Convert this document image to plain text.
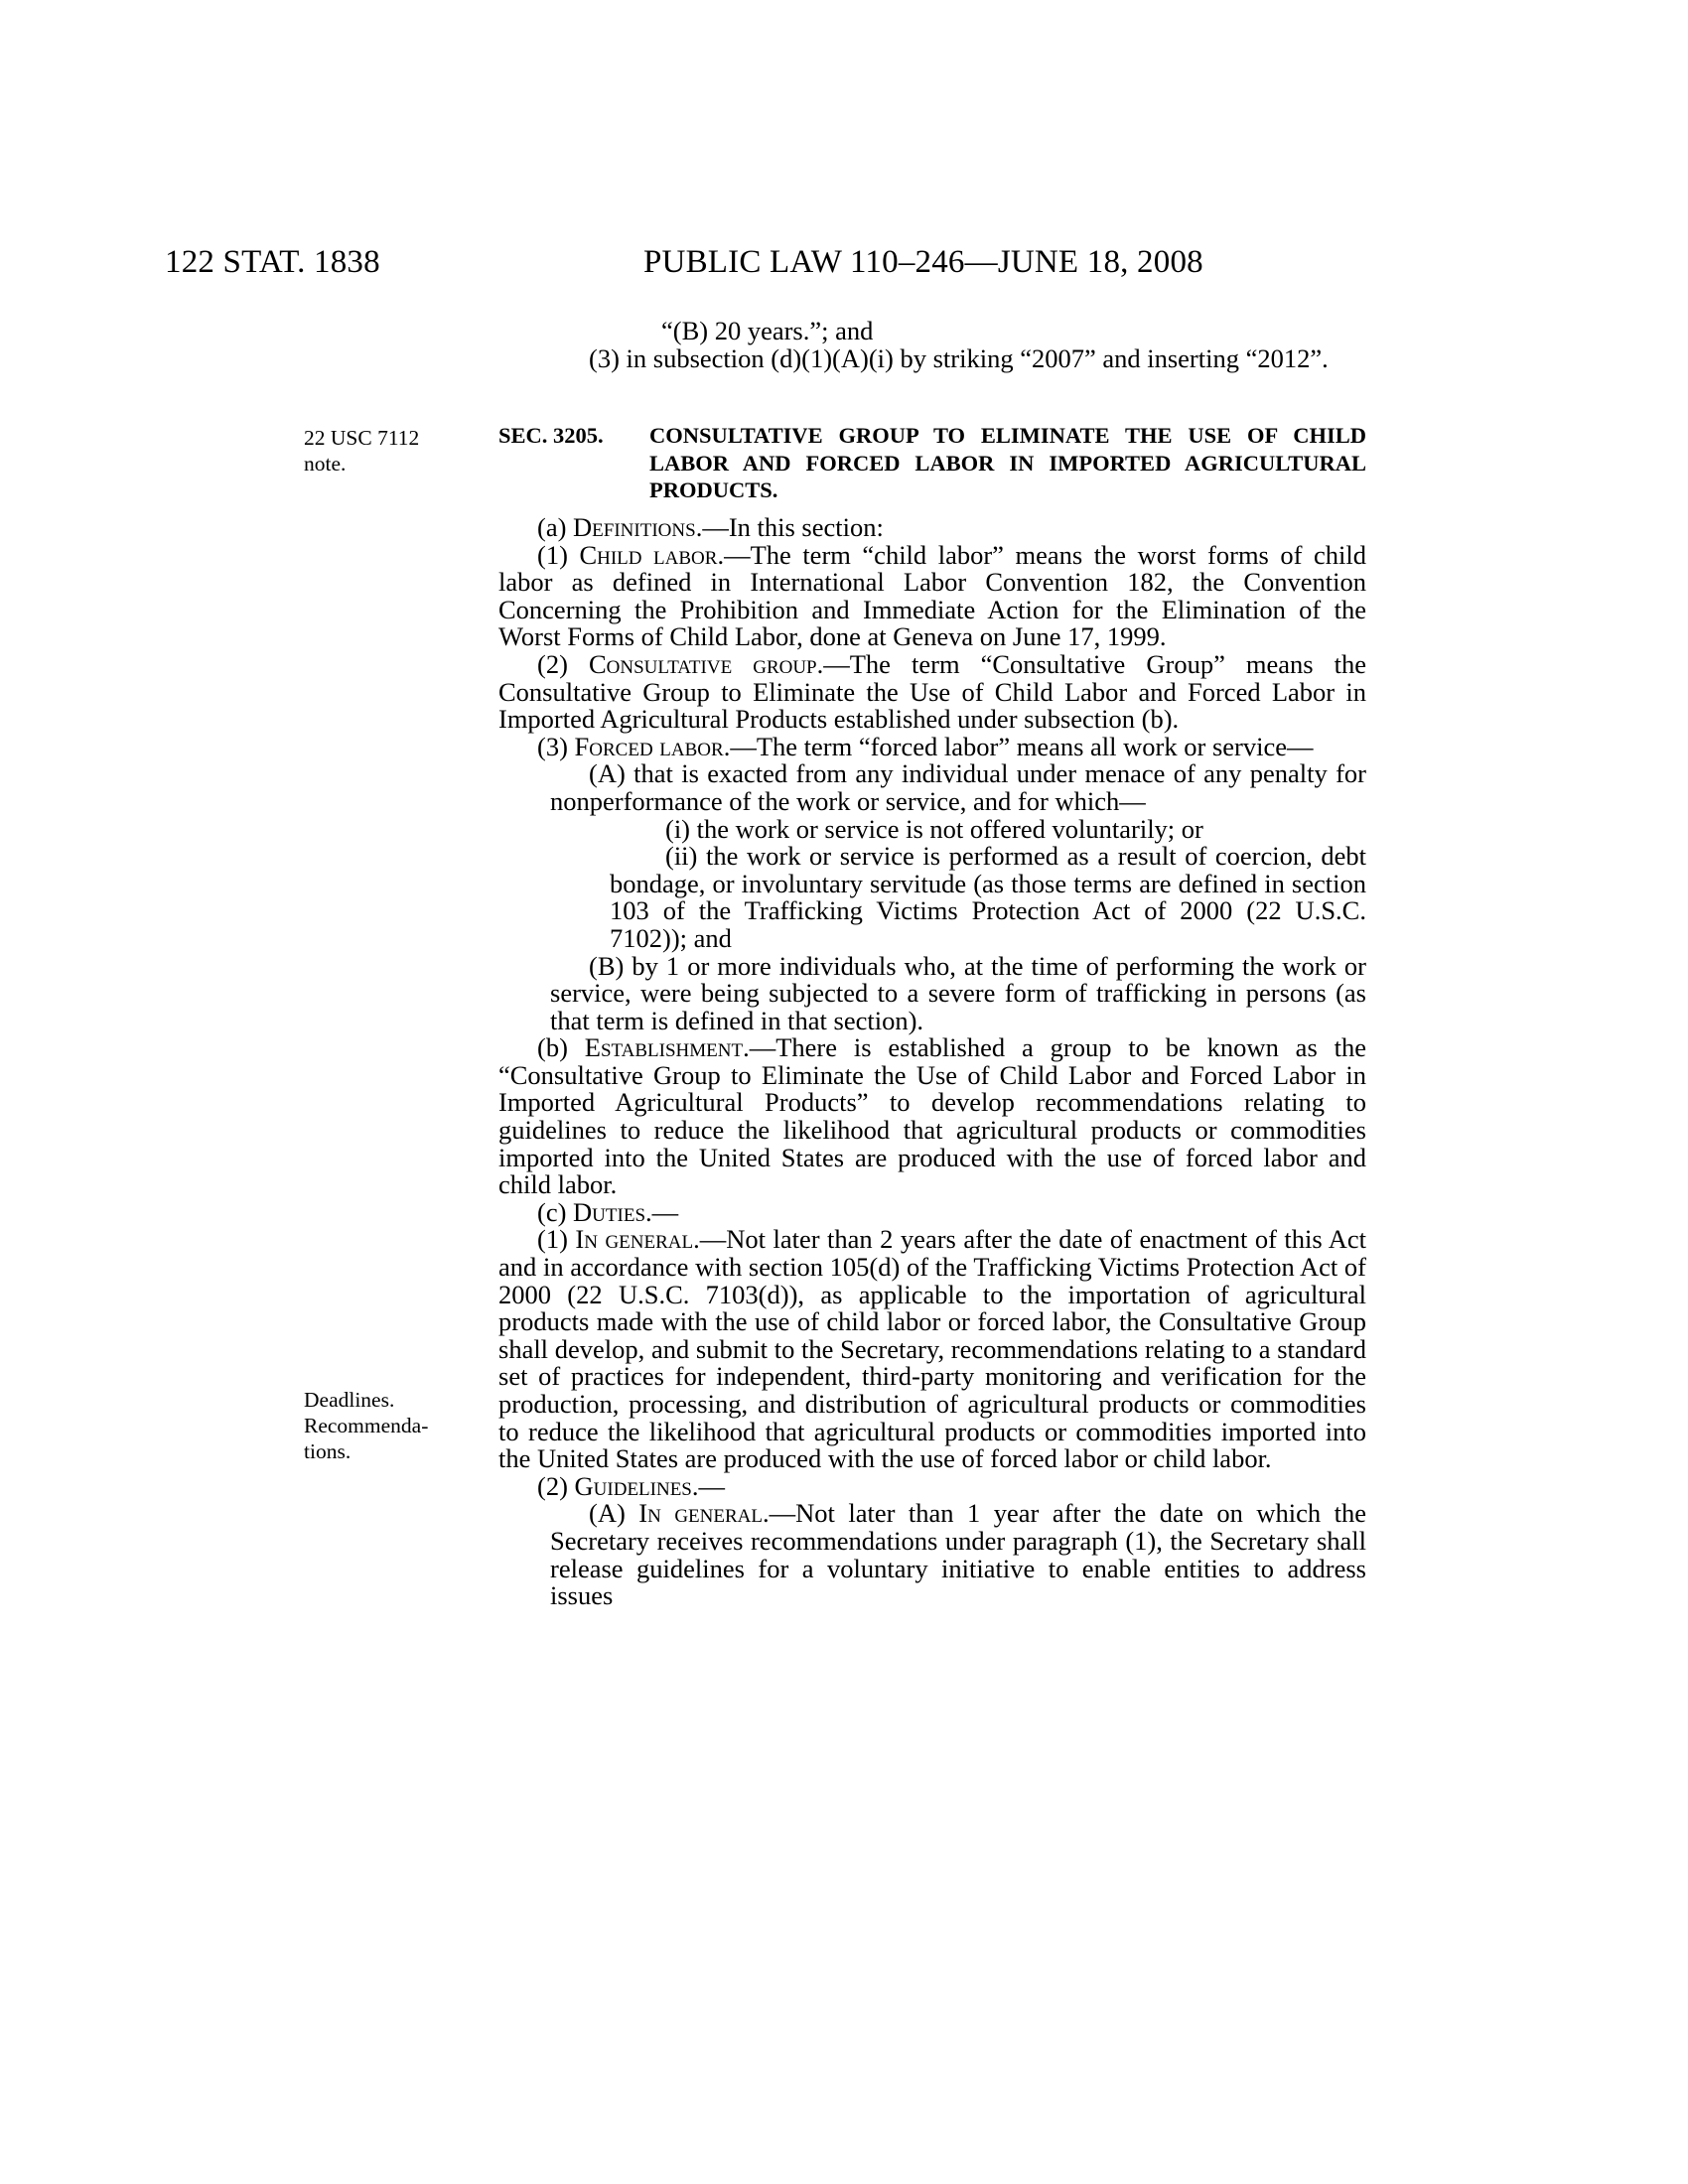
122 STAT. 1838	PUBLIC LAW 110–246—JUNE 18, 2008
22 USC 7112
note.
Deadlines.
Recommenda-
tions.

“(B) 20 years.”; and

(3) in subsection (d)(1)(A)(i) by striking “2007” and inserting “2012”.

SEC. 3205. CONSULTATIVE GROUP TO ELIMINATE THE USE OF CHILD LABOR AND FORCED LABOR IN IMPORTED AGRICULTURAL PRODUCTS.

(a) Definitions.—In this section:

(1) Child labor.—The term “child labor” means the worst forms of child labor as defined in International Labor Convention 182, the Convention Concerning the Prohibition and Immediate Action for the Elimination of the Worst Forms of Child Labor, done at Geneva on June 17, 1999.

(2) Consultative group.—The term “Consultative Group” means the Consultative Group to Eliminate the Use of Child Labor and Forced Labor in Imported Agricultural Products established under subsection (b).

(3) Forced labor.—The term “forced labor” means all work or service—

(A) that is exacted from any individual under menace of any penalty for nonperformance of the work or service, and for which—

(i) the work or service is not offered voluntarily; or

(ii) the work or service is performed as a result of coercion, debt bondage, or involuntary servitude (as those terms are defined in section 103 of the Trafficking Victims Protection Act of 2000 (22 U.S.C. 7102)); and

(B) by 1 or more individuals who, at the time of performing the work or service, were being subjected to a severe form of trafficking in persons (as that term is defined in that section).

(b) Establishment.—There is established a group to be known as the “Consultative Group to Eliminate the Use of Child Labor and Forced Labor in Imported Agricultural Products” to develop recommendations relating to guidelines to reduce the likelihood that agricultural products or commodities imported into the United States are produced with the use of forced labor and child labor.

(c) Duties.—

(1) In general.—Not later than 2 years after the date of enactment of this Act and in accordance with section 105(d) of the Trafficking Victims Protection Act of 2000 (22 U.S.C. 7103(d)), as applicable to the importation of agricultural products made with the use of child labor or forced labor, the Consultative Group shall develop, and submit to the Secretary, recommendations relating to a standard set of practices for independent, third-party monitoring and verification for the production, processing, and distribution of agricultural products or commodities to reduce the likelihood that agricultural products or commodities imported into the United States are produced with the use of forced labor or child labor.

(2) Guidelines.—

(A) In general.—Not later than 1 year after the date on which the Secretary receives recommendations under paragraph (1), the Secretary shall release guidelines for a voluntary initiative to enable entities to address issues
